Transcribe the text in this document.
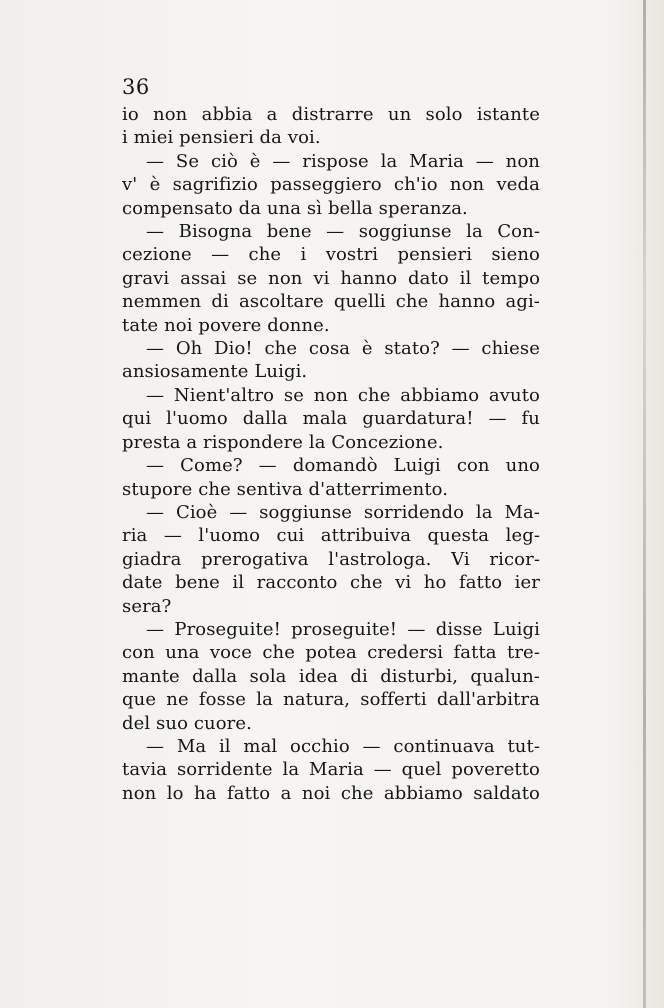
36
io non abbia a distrarre un solo istante
i miei pensieri da voi.
— Se ciò è — rispose la Maria — non
v' è sagrifizio passeggiero ch'io non veda
compensato da una sì bella speranza.
— Bisogna bene — soggiunse la Con-
cezione — che i vostri pensieri sieno
gravi assai se non vi hanno dato il tempo
nemmen di ascoltare quelli che hanno agi-
tate noi povere donne.
— Oh Dio! che cosa è stato? — chiese
ansiosamente Luigi.
— Nient'altro se non che abbiamo avuto
qui l'uomo dalla mala guardatura! — fu
presta a rispondere la Concezione.
— Come? — domandò Luigi con uno
stupore che sentiva d'atterrimento.
— Cioè — soggiunse sorridendo la Ma-
ria — l'uomo cui attribuiva questa leg-
giadra prerogativa l'astrologa. Vi ricor-
date bene il racconto che vi ho fatto ier
sera?
— Proseguite! proseguite! — disse Luigi
con una voce che potea credersi fatta tre-
mante dalla sola idea di disturbi, qualun-
que ne fosse la natura, sofferti dall'arbitra
del suo cuore.
— Ma il mal occhio — continuava tut-
tavia sorridente la Maria — quel poveretto
non lo ha fatto a noi che abbiamo saldato
